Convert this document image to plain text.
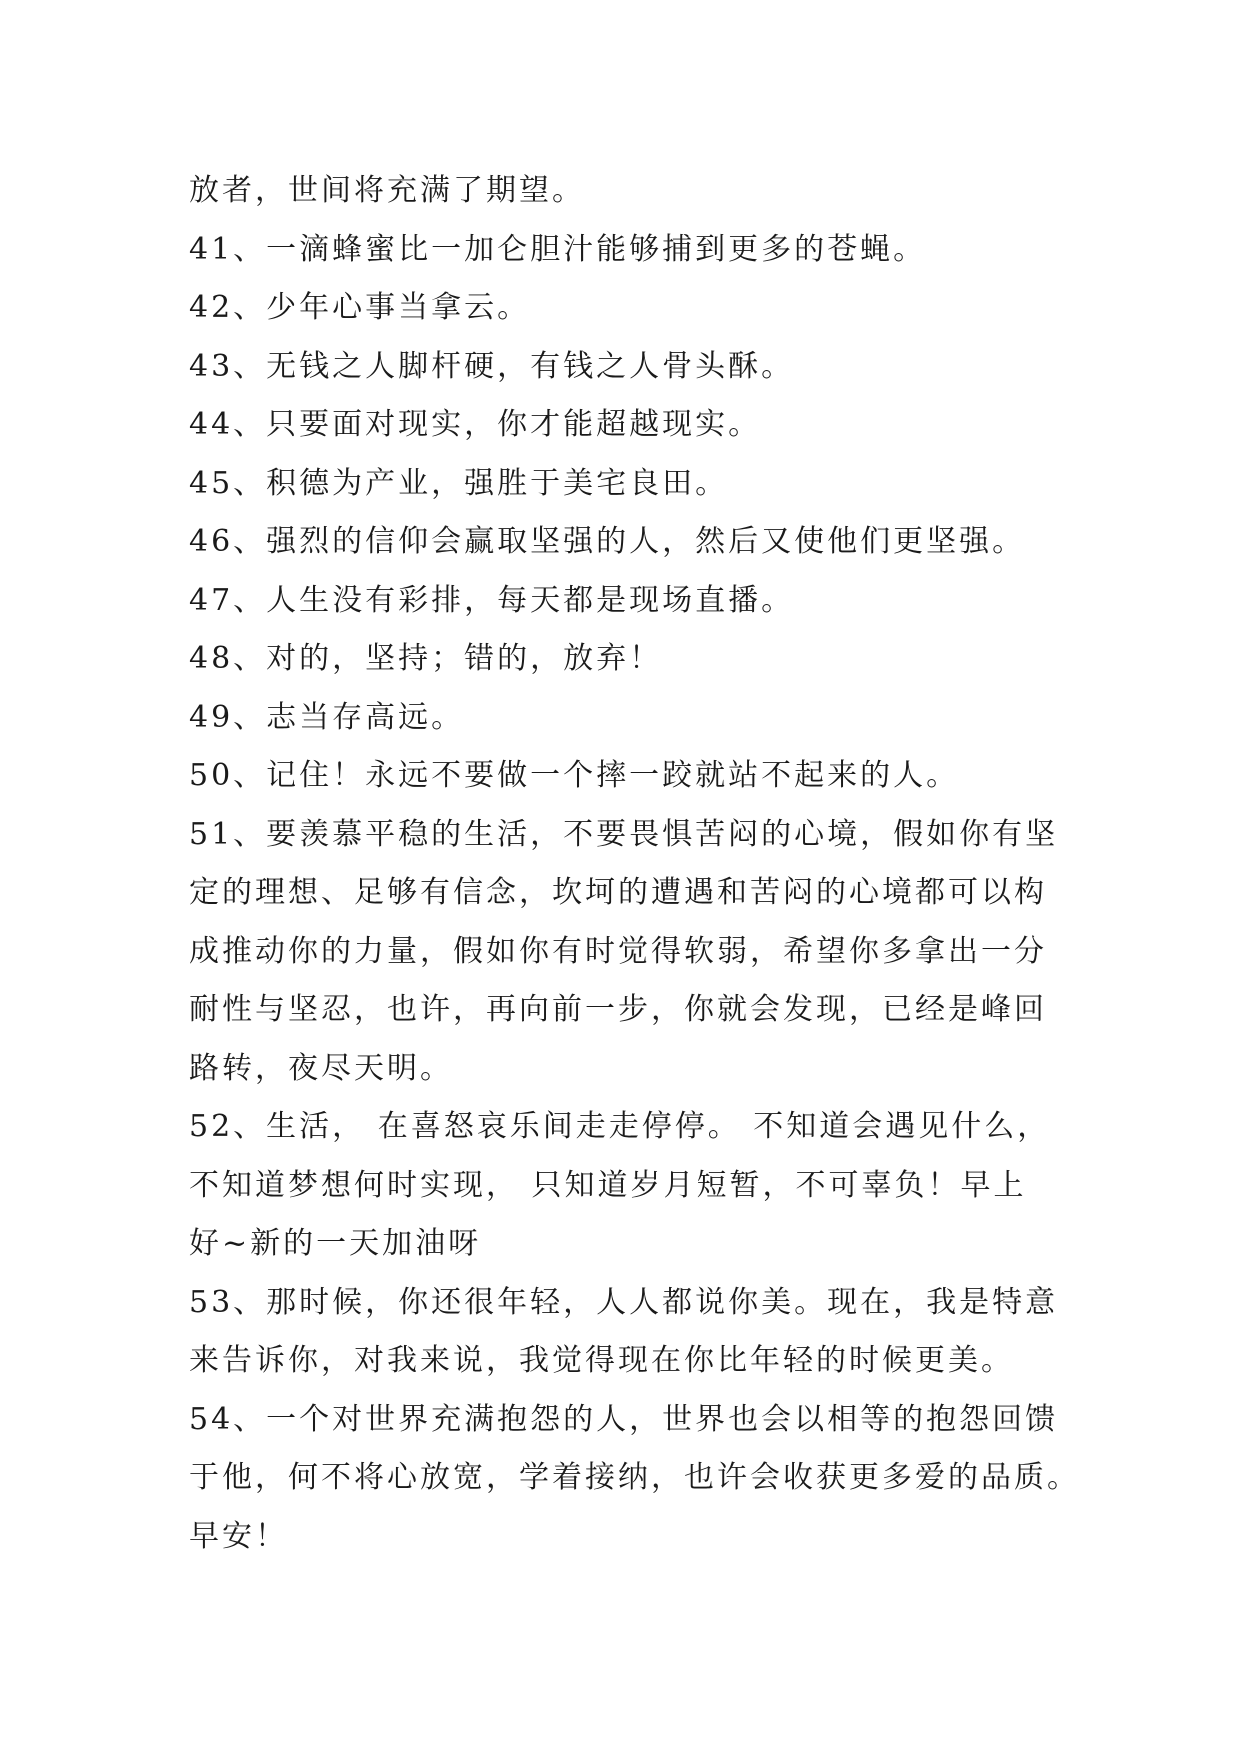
放者，世间将充满了期望。
41、一滴蜂蜜比一加仑胆汁能够捕到更多的苍蝇。
42、少年心事当拿云。
43、无钱之人脚杆硬，有钱之人骨头酥。
44、只要面对现实，你才能超越现实。
45、积德为产业，强胜于美宅良田。
46、强烈的信仰会赢取坚强的人，然后又使他们更坚强。
47、人生没有彩排，每天都是现场直播。
48、对的，坚持；错的，放弃！
49、志当存高远。
50、记住！永远不要做一个摔一跤就站不起来的人。
51、要羡慕平稳的生活，不要畏惧苦闷的心境，假如你有坚
定的理想、足够有信念，坎坷的遭遇和苦闷的心境都可以构
成推动你的力量，假如你有时觉得软弱，希望你多拿出一分
耐性与坚忍，也许，再向前一步，你就会发现，已经是峰回
路转，夜尽天明。
52、生活， 在喜怒哀乐间走走停停。 不知道会遇见什么，
不知道梦想何时实现， 只知道岁月短暂，不可辜负！早上
好~新的一天加油呀
53、那时候，你还很年轻，人人都说你美。现在，我是特意
来告诉你，对我来说，我觉得现在你比年轻的时候更美。
54、一个对世界充满抱怨的人，世界也会以相等的抱怨回馈
于他，何不将心放宽，学着接纳，也许会收获更多爱的品质。
早安！
